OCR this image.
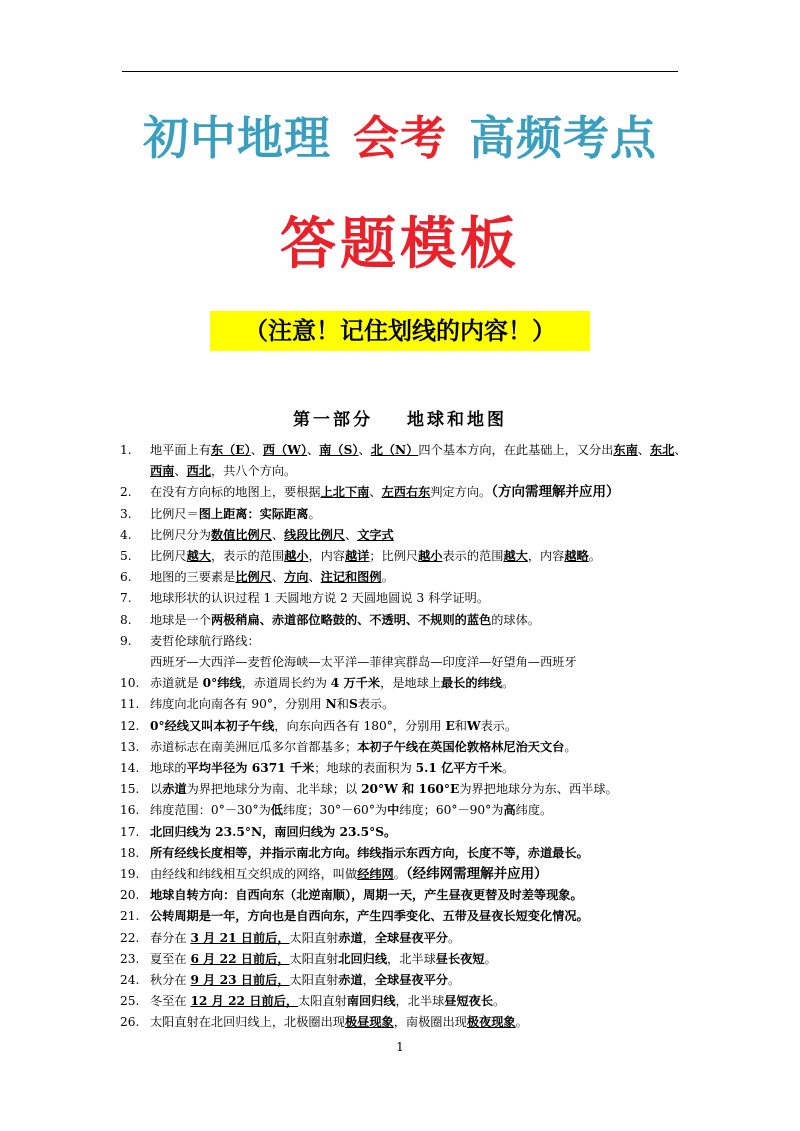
初中地理 会考 高频考点
答题模板
（注意！记住划线的内容！）
第一部分 地球和地图
1. 地平面上有东（E）、西（W）、南（S）、北（N）四个基本方向，在此基础上，又分出东南、东北、西南、西北，共八个方向。
2. 在没有方向标的地图上，要根据上北下南、左西右东判定方向。（方向需理解并应用）
3. 比例尺＝图上距离：实际距离。
4. 比例尺分为数值比例尺、线段比例尺、文字式
5. 比例尺越大，表示的范围越小，内容越详；比例尺越小表示的范围越大，内容越略。
6. 地图的三要素是比例尺、方向、注记和图例。
7. 地球形状的认识过程 1 天圆地方说 2 天圆地圆说 3 科学证明。
8. 地球是一个两极稍扁、赤道部位略鼓的、不透明、不规则的蓝色的球体。
9. 麦哲伦球航行路线：
西班牙—大西洋—麦哲伦海峡—太平洋—菲律宾群岛—印度洋—好望角—西班牙
10. 赤道就是 0°纬线，赤道周长约为 4 万千米，是地球上最长的纬线。
11. 纬度向北向南各有 90°，分别用 N和S表示。
12. 0°经线又叫本初子午线，向东向西各有 180°，分别用 E和W表示。
13. 赤道标志在南美洲厄瓜多尔首都基多；本初子午线在英国伦敦格林尼治天文台。
14. 地球的平均半径为 6371 千米；地球的表面积为 5.1 亿平方千米。
15. 以赤道为界把地球分为南、北半球；以 20°W 和 160°E为界把地球分为东、西半球。
16. 纬度范围：0°－30°为低纬度；30°－60°为中纬度；60°－90°为高纬度。
17. 北回归线为 23.5°N，南回归线为 23.5°S。
18. 所有经线长度相等，并指示南北方向。纬线指示东西方向，长度不等，赤道最长。
19. 由经线和纬线相互交织成的网络，叫做经纬网。（经纬网需理解并应用）
20. 地球自转方向：自西向东（北逆南顺），周期一天，产生昼夜更替及时差等现象。
21. 公转周期是一年，方向也是自西向东，产生四季变化、五带及昼夜长短变化情况。
22. 春分在 3 月 21 日前后，太阳直射赤道，全球昼夜平分。
23. 夏至在 6 月 22 日前后，太阳直射北回归线，北半球昼长夜短。
24. 秋分在 9 月 23 日前后，太阳直射赤道，全球昼夜平分。
25. 冬至在 12 月 22 日前后，太阳直射南回归线，北半球昼短夜长。
26. 太阳直射在北回归线上，北极圈出现极昼现象，南极圈出现极夜现象。
1
